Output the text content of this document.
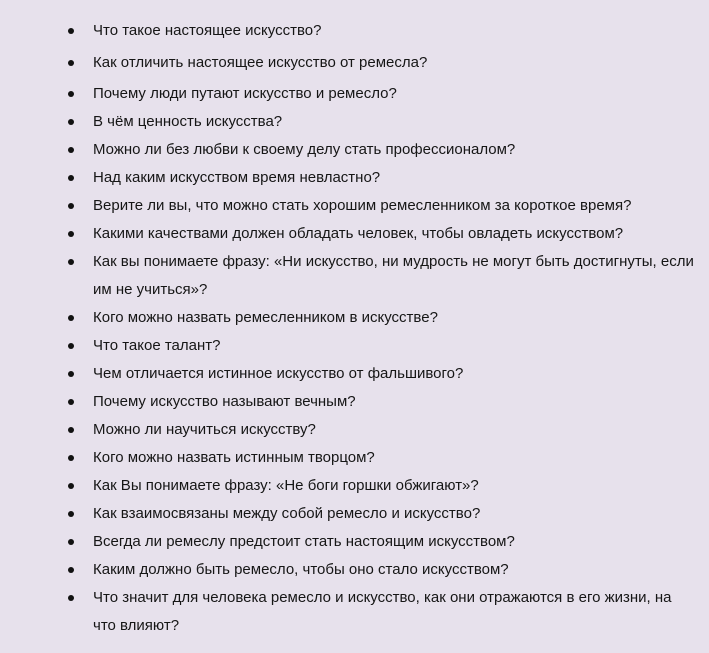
Что такое настоящее искусство?
Как отличить настоящее искусство от ремесла?
Почему люди путают искусство и ремесло?
В чём ценность искусства?
Можно ли без любви к своему делу стать профессионалом?
Над каким искусством время невластно?
Верите ли вы, что можно стать хорошим ремесленником за короткое время?
Какими качествами должен обладать человек, чтобы овладеть искусством?
Как вы понимаете фразу: «Ни искусство, ни мудрость не могут быть достигнуты, если им не учиться»?
Кого можно назвать ремесленником в искусстве?
Что такое талант?
Чем отличается истинное искусство от фальшивого?
Почему искусство называют вечным?
Можно ли научиться искусству?
Кого можно назвать истинным творцом?
Как Вы понимаете фразу: «Не боги горшки обжигают»?
Как взаимосвязаны между собой ремесло и искусство?
Всегда ли ремеслу предстоит стать настоящим искусством?
Каким должно быть ремесло, чтобы оно стало искусством?
Что значит для человека ремесло и искусство, как они отражаются в его жизни, на что влияют?
